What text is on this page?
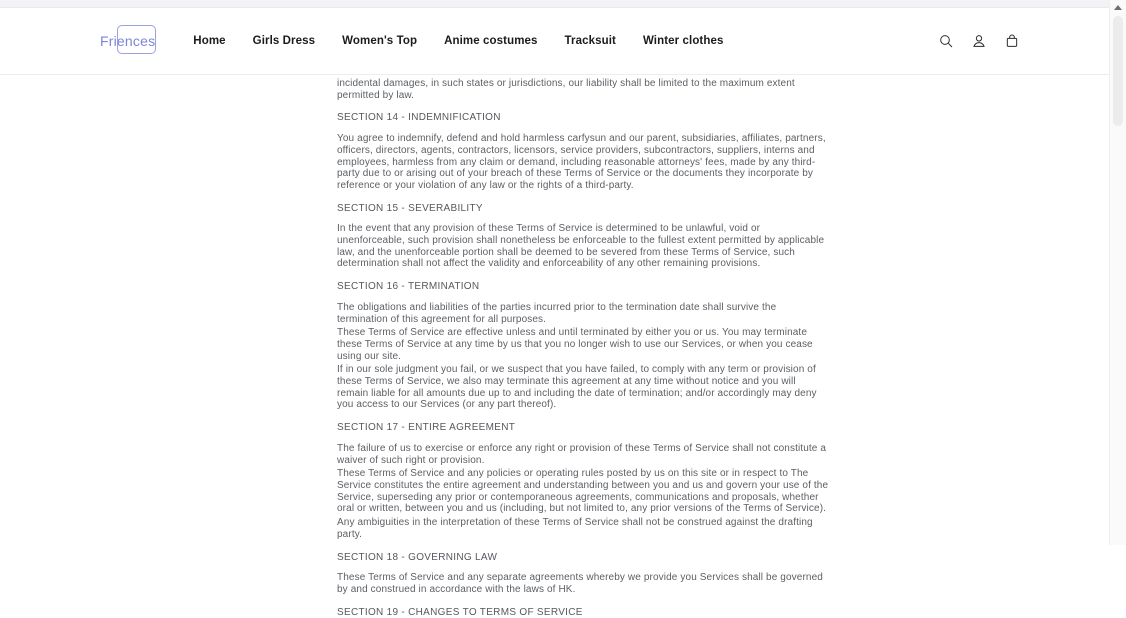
Friences	Home Girls Dress Women's Top Anime costumes Tracksuit Winter clothes

incidental damages, in such states or jurisdictions, our liability shall be limited to the maximum extent permitted by law.

SECTION 14 - INDEMNIFICATION

You agree to indemnify, defend and hold harmless carfysun and our parent, subsidiaries, affiliates, partners, officers, directors, agents, contractors, licensors, service providers, subcontractors, suppliers, interns and employees, harmless from any claim or demand, including reasonable attorneys' fees, made by any third-party due to or arising out of your breach of these Terms of Service or the documents they incorporate by reference or your violation of any law or the rights of a third-party.

SECTION 15 - SEVERABILITY

In the event that any provision of these Terms of Service is determined to be unlawful, void or unenforceable, such provision shall nonetheless be enforceable to the fullest extent permitted by applicable law, and the unenforceable portion shall be deemed to be severed from these Terms of Service, such determination shall not affect the validity and enforceability of any other remaining provisions.

SECTION 16 - TERMINATION

The obligations and liabilities of the parties incurred prior to the termination date shall survive the termination of this agreement for all purposes.

These Terms of Service are effective unless and until terminated by either you or us. You may terminate these Terms of Service at any time by us that you no longer wish to use our Services, or when you cease using our site.

If in our sole judgment you fail, or we suspect that you have failed, to comply with any term or provision of these Terms of Service, we also may terminate this agreement at any time without notice and you will remain liable for all amounts due up to and including the date of termination; and/or accordingly may deny you access to our Services (or any part thereof).

SECTION 17 - ENTIRE AGREEMENT

The failure of us to exercise or enforce any right or provision of these Terms of Service shall not constitute a waiver of such right or provision.

These Terms of Service and any policies or operating rules posted by us on this site or in respect to The Service constitutes the entire agreement and understanding between you and us and govern your use of the Service, superseding any prior or contemporaneous agreements, communications and proposals, whether oral or written, between you and us (including, but not limited to, any prior versions of the Terms of Service).

Any ambiguities in the interpretation of these Terms of Service shall not be construed against the drafting party.

SECTION 18 - GOVERNING LAW

These Terms of Service and any separate agreements whereby we provide you Services shall be governed by and construed in accordance with the laws of HK.

SECTION 19 - CHANGES TO TERMS OF SERVICE
